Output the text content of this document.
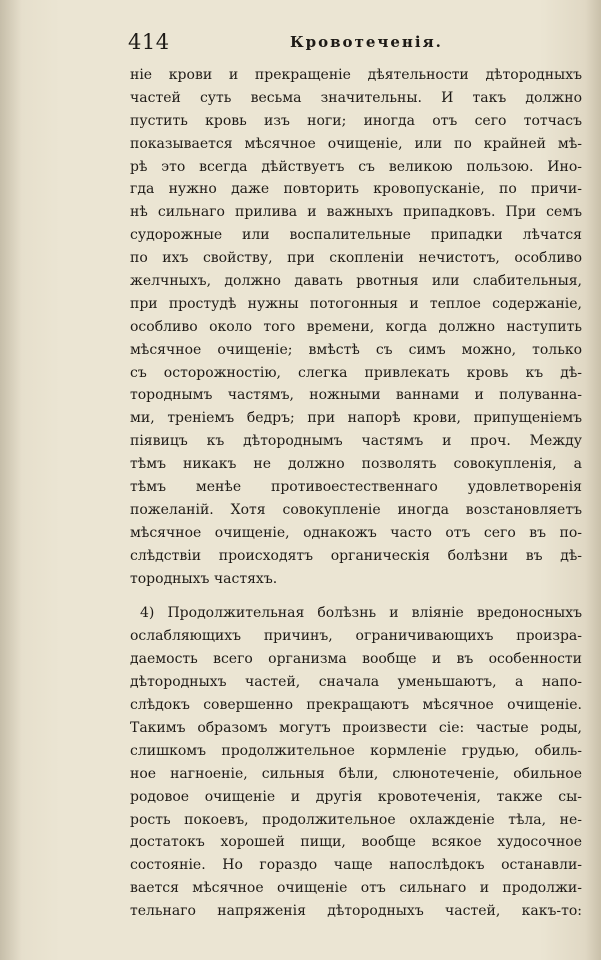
414	Кровотеченія.
ніе крови и прекращеніе дѣятельности дѣтородныхъ
частей суть весьма значительны. И такъ должно
пустить кровь изъ ноги; иногда отъ сего тотчасъ
показывается мѣсячное очищеніе, или по крайней мѣ-
рѣ это всегда дѣйствуетъ съ великою пользою. Ино-
гда нужно даже повторить кровопусканіе, по причи-
нѣ сильнаго прилива и важныхъ припадковъ. При семъ
судорожные или воспалительные припадки лѣчатся
по ихъ свойству, при скопленіи нечистотъ, особливо
желчныхъ, должно давать рвотныя или слабительныя,
при простудѣ нужны потогонныя и теплое содержаніе,
особливо около того времени, когда должно наступить
мѣсячное очищеніе; вмѣстѣ съ симъ можно, только
съ осторожностію, слегка привлекать кровь къ дѣ-
тороднымъ частямъ, ножными ваннами и полуванна-
ми, треніемъ бедръ; при напорѣ крови, припущеніемъ
піявицъ къ дѣтороднымъ частямъ и проч. Между
тѣмъ никакъ не должно позволять совокупленія, а
тѣмъ менѣе противоестественнаго удовлетворенія
пожеланій. Хотя совокупленіе иногда возстановляетъ
мѣсячное очищеніе, однакожъ часто отъ сего въ по-
слѣдствіи происходятъ органическія болѣзни въ дѣ-
тородныхъ частяхъ.
4) Продолжительная болѣзнь и вліяніе вредоносныхъ
ослабляющихъ причинъ, ограничивающихъ произра-
даемость всего организма вообще и въ особенности
дѣтородныхъ частей, сначала уменьшаютъ, а напо-
слѣдокъ совершенно прекращаютъ мѣсячное очищеніе.
Такимъ образомъ могутъ произвести сіе: частые роды,
слишкомъ продолжительное кормленіе грудью, обиль-
ное нагноеніе, сильныя бѣли, слюнотеченіе, обильное
родовое очищеніе и другія кровотеченія, также сы-
рость покоевъ, продолжительное охлажденіе тѣла, не-
достатокъ хорошей пищи, вообще всякое худосочное
состояніе. Но гораздо чаще напослѣдокъ останавли-
вается мѣсячное очищеніе отъ сильнаго и продолжи-
тельнаго напряженія дѣтородныхъ частей, какъ-то:
